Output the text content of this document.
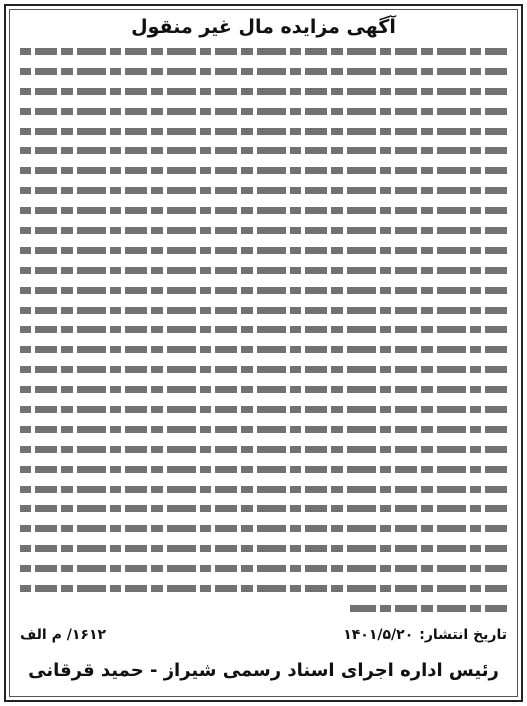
آگهی مزایده مال غیر منقول
تاریخ انتشار:
۱۴۰۱/۵/۲۰
۱۶۱۲/ م الف
رئیس اداره اجرای اسناد رسمی شیراز - حمید قرقانی
